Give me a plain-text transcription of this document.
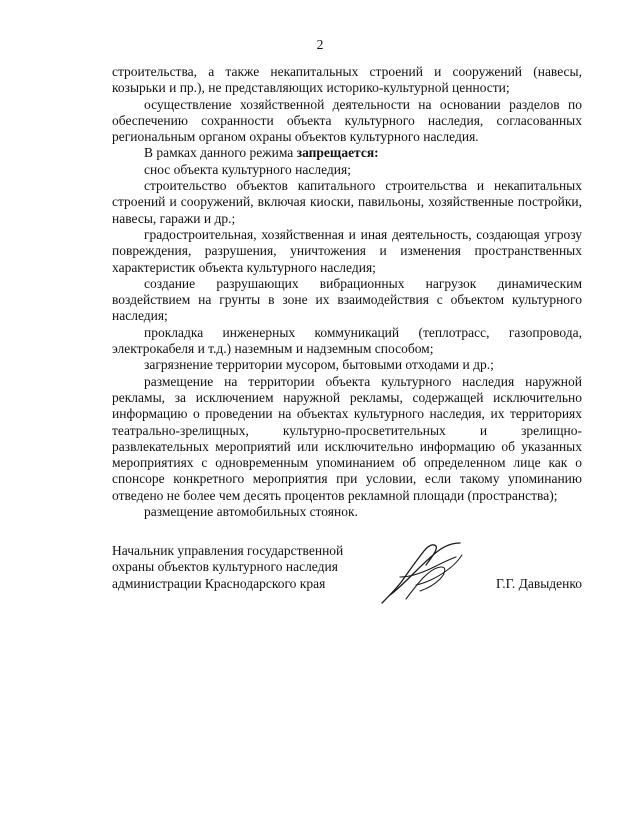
2

строительства, а также некапитальных строений и сооружений (навесы, козырьки и пр.), не представляющих историко-культурной ценности;

осуществление хозяйственной деятельности на основании разделов по обеспечению сохранности объекта культурного наследия, согласованных региональным органом охраны объектов культурного наследия.

В рамках данного режима запрещается:

снос объекта культурного наследия;

строительство объектов капитального строительства и некапитальных строений и сооружений, включая киоски, павильоны, хозяйственные постройки, навесы, гаражи и др.;

градостроительная, хозяйственная и иная деятельность, создающая угрозу повреждения, разрушения, уничтожения и изменения пространственных характеристик объекта культурного наследия;

создание разрушающих вибрационных нагрузок динамическим воздействием на грунты в зоне их взаимодействия с объектом культурного наследия;

прокладка инженерных коммуникаций (теплотрасс, газопровода, электрокабеля и т.д.) наземным и надземным способом;

загрязнение территории мусором, бытовыми отходами и др.;

размещение на территории объекта культурного наследия наружной рекламы, за исключением наружной рекламы, содержащей исключительно информацию о проведении на объектах культурного наследия, их территориях театрально-зрелищных, культурно-просветительных и зрелищно-развлекательных мероприятий или исключительно информацию об указанных мероприятиях с одновременным упоминанием об определенном лице как о спонсоре конкретного мероприятия при условии, если такому упоминанию отведено не более чем десять процентов рекламной площади (пространства);

размещение автомобильных стоянок.

Начальник управления государственной
охраны объектов культурного наследия
администрации Краснодарского края	Г.Г. Давыденко
